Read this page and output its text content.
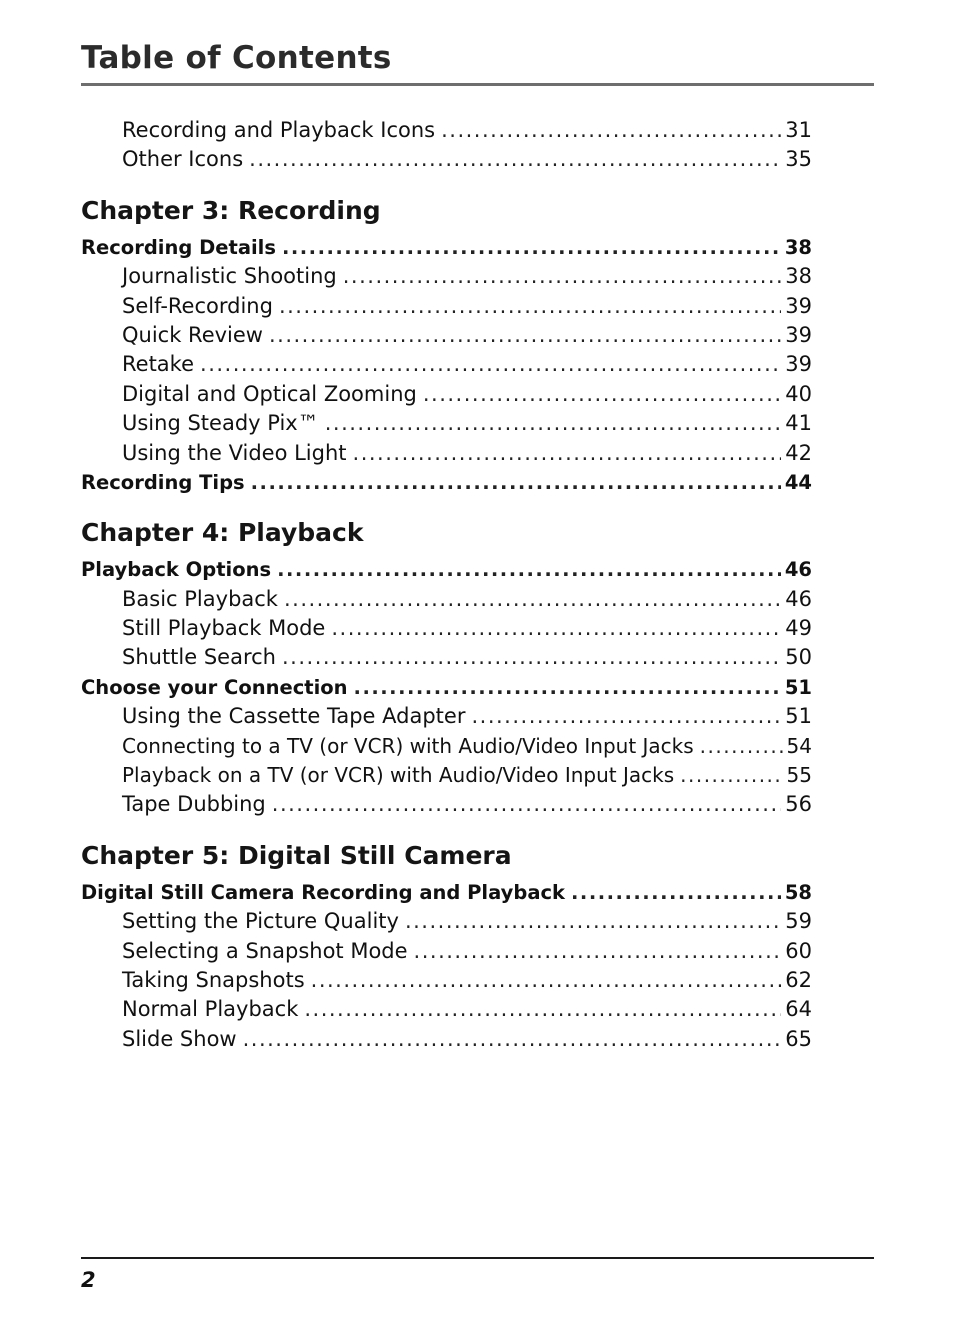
Table of Contents
Recording and Playback Icons .....	31
Other Icons .....	35
Chapter 3: Recording
Recording Details .....	38
Journalistic Shooting .....	38
Self-Recording .....	39
Quick Review .....	39
Retake .....	39
Digital and Optical Zooming .....	40
Using Steady Pix™ .....	41
Using the Video Light .....	42
Recording Tips .....	44
Chapter 4: Playback
Playback Options .....	46
Basic Playback .....	46
Still Playback Mode .....	49
Shuttle Search .....	50
Choose your Connection .....	51
Using the Cassette Tape Adapter .....	51
Connecting to a TV (or VCR) with Audio/Video Input Jacks .....	54
Playback on a TV (or VCR) with Audio/Video Input Jacks .....	55
Tape Dubbing .....	56
Chapter 5: Digital Still Camera
Digital Still Camera Recording and Playback .....	58
Setting the Picture Quality .....	59
Selecting a Snapshot Mode .....	60
Taking Snapshots .....	62
Normal Playback .....	64
Slide Show .....	65
2
